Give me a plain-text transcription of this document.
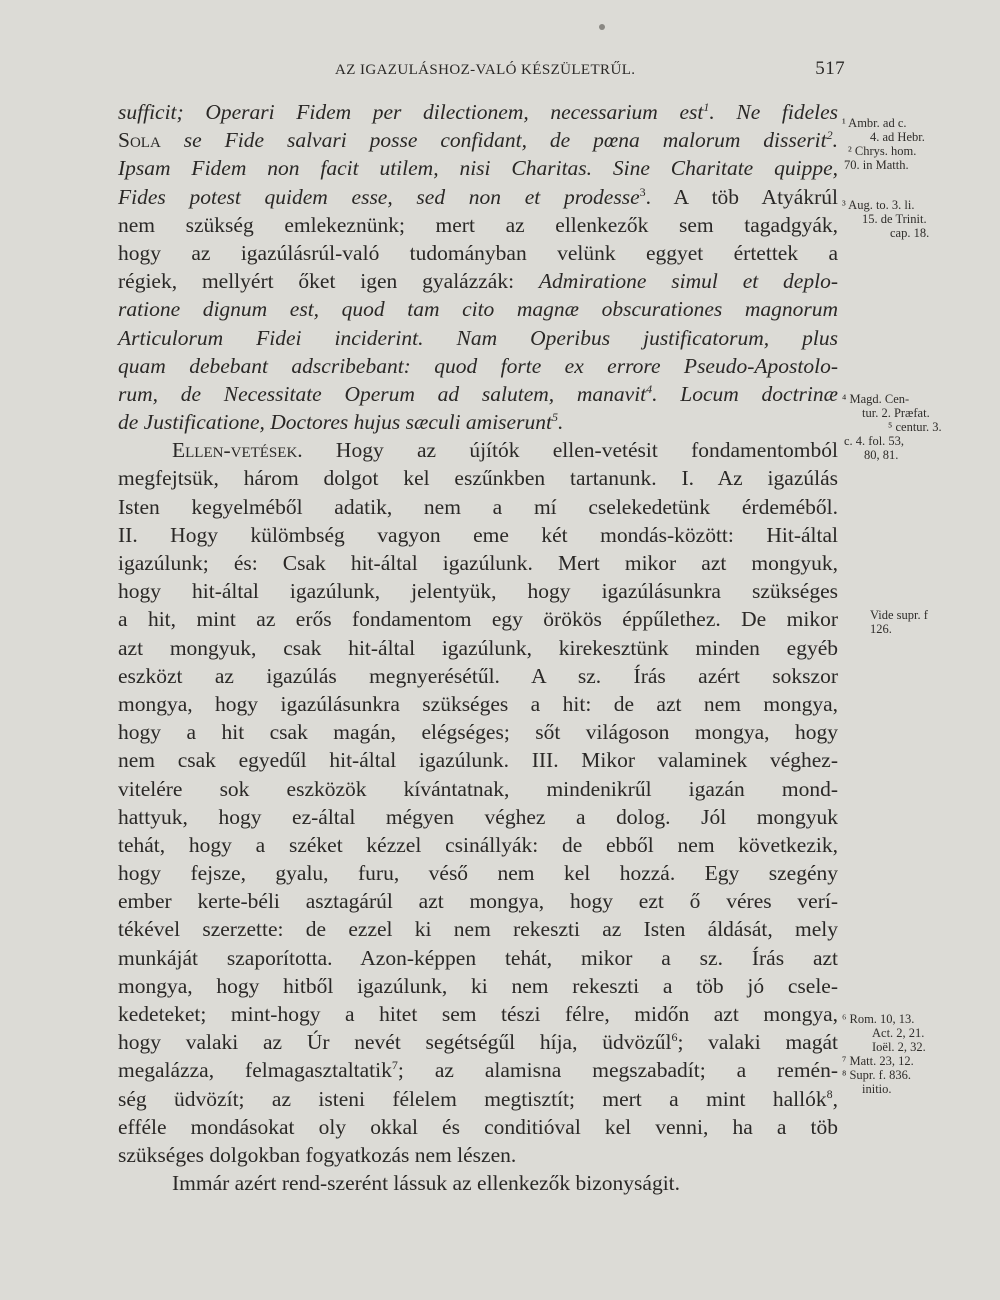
AZ IGAZULÁSHOZ-VALÓ KÉSZÜLETRŰL.	517
sufficit; Operari Fidem per dilectionem, necessarium est$^1$. Ne fideles
Sola se Fide salvari posse confidant, de pœna malorum disserit$^2$.
Ipsam Fidem non facit utilem, nisi Charitas. Sine Charitate quippe,
Fides potest quidem esse, sed non et prodesse$^3$. A töb Atyákrúl
nem szükség emlekeznünk; mert az ellenkezők sem tagadgyák,
hogy az igazúlásrúl-való tudományban velünk eggyet értettek a
régiek, mellyért őket igen gyalázzák: Admiratione simul et deplo-
ratione dignum est, quod tam cito magnæ obscurationes magnorum
Articulorum Fidei inciderint. Nam Operibus justificatorum, plus
quam debebant adscribebant: quod forte ex errore Pseudo-Apostolo-
rum, de Necessitate Operum ad salutem, manavit$^4$. Locum doctrinæ
de Justificatione, Doctores hujus sæculi amiserunt$^5$.
Ellen-vetések. Hogy az újítók ellen-vetésit fondamentomból
megfejtsük, három dolgot kel eszűnkben tartanunk. I. Az igazúlás
Isten kegyelméből adatik, nem a mí cselekedetünk érdeméből.
II. Hogy külömbség vagyon eme két mondás-között: Hit-által
igazúlunk; és: Csak hit-által igazúlunk. Mert mikor azt mongyuk,
hogy hit-által igazúlunk, jelentyük, hogy igazúlásunkra szükséges
a hit, mint az erős fondamentom egy örökös éppűlethez. De mikor
azt mongyuk, csak hit-által igazúlunk, kirekesztünk minden egyéb
eszközt az igazúlás megnyerésétűl. A sz. Írás azért sokszor
mongya, hogy igazúlásunkra szükséges a hit: de azt nem mongya,
hogy a hit csak magán, elégséges; sőt világoson mongya, hogy
nem csak egyedűl hit-által igazúlunk. III. Mikor valaminek véghez-
vitelére sok eszközök kívántatnak, mindenikrűl igazán mond-
hattyuk, hogy ez-által mégyen véghez a dolog. Jól mongyuk
tehát, hogy a széket kézzel csinállyák: de ebből nem következik,
hogy fejsze, gyalu, furu, véső nem kel hozzá. Egy szegény
ember kerte-béli asztagárúl azt mongya, hogy ezt ő véres verí-
tékével szerzette: de ezzel ki nem rekeszti az Isten áldását, mely
munkáját szaporította. Azon-képpen tehát, mikor a sz. Írás azt
mongya, hogy hitből igazúlunk, ki nem rekeszti a töb jó csele-
kedeteket; mint-hogy a hitet sem tészi félre, midőn azt mongya,
hogy valaki az Úr nevét segétségűl híja, üdvözűl$^6$; valaki magát
megalázza, felmagasztaltatik$^7$; az alamisna megszabadít; a remén-
ség üdvözít; az isteni félelem megtisztít; mert a mint hallók$^8$,
efféle mondásokat oly okkal és conditióval kel venni, ha a töb
szükséges dolgokban fogyatkozás nem lészen.
Immár azért rend-szerént lássuk az ellenkezők bizonyságit.
¹ Ambr. ad c.
4. ad Hebr.
² Chrys. hom.
70. in Matth.
³ Aug. to. 3. li.
15. de Trinit.
cap. 18.
⁴ Magd. Cen-
tur. 2. Præfat.
⁵ centur. 3.
c. 4. fol. 53,
80, 81.
Vide supr. f
126.
⁶ Rom. 10, 13.
Act. 2, 21.
Ioël. 2, 32.
⁷ Matt. 23, 12.
⁸ Supr. f. 836.
initio.
